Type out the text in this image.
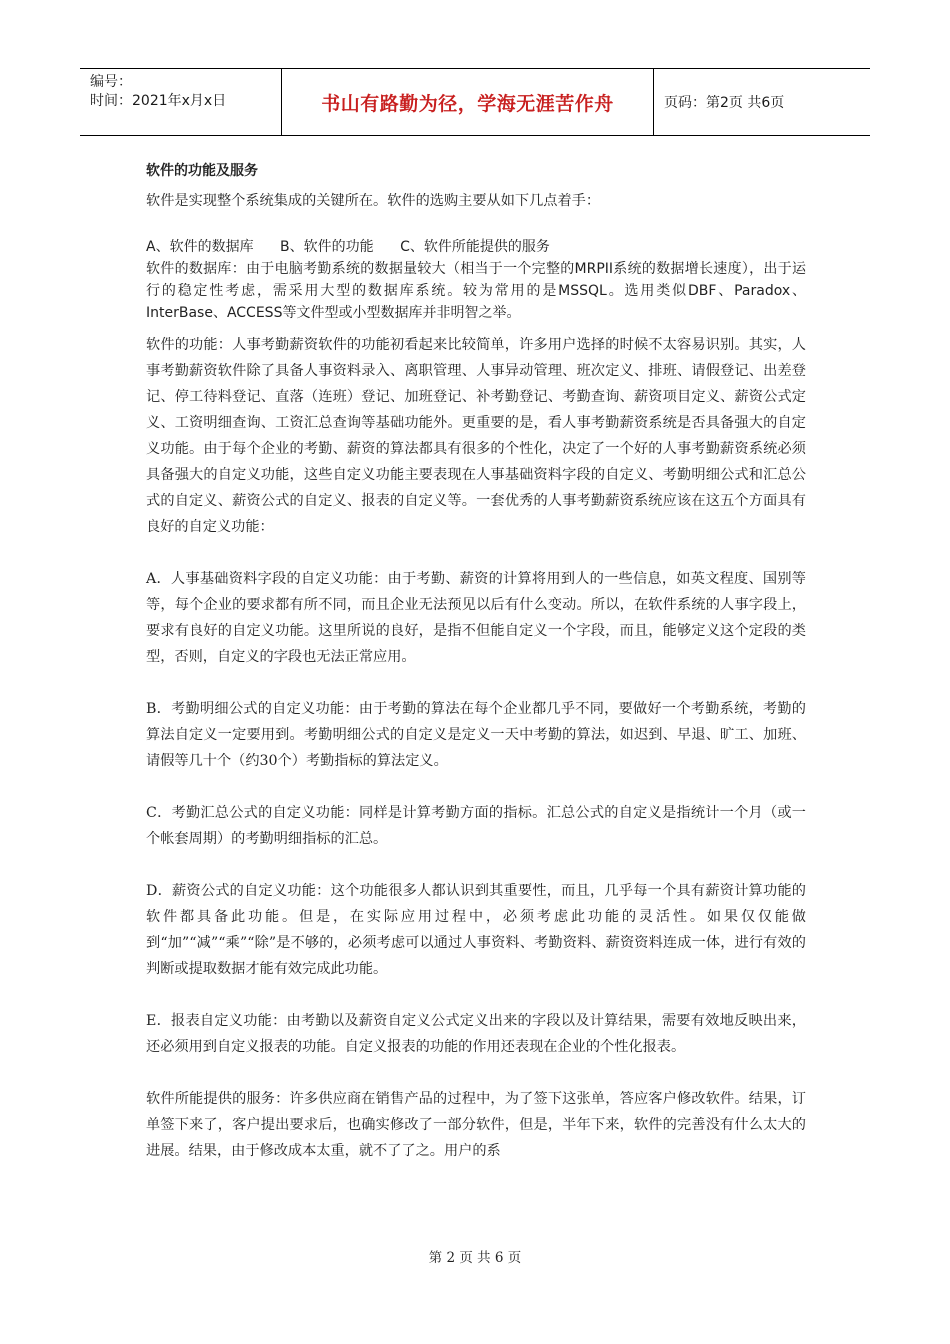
编号：
时间：2021年x月x日	书山有路勤为径，学海无涯苦作舟	页码：第2页 共6页

软件的功能及服务

软件是实现整个系统集成的关键所在。软件的选购主要从如下几点着手：

A、软件的数据库 B、软件的功能 C、软件所能提供的服务

软件的数据库：由于电脑考勤系统的数据量较大（相当于一个完整的MRPII系统的数据增长速度），出于运行的稳定性考虑，需采用大型的数据库系统。较为常用的是MSSQL。选用类似DBF、Paradox、InterBase、ACCESS等文件型或小型数据库并非明智之举。

软件的功能：人事考勤薪资软件的功能初看起来比较简单，许多用户选择的时候不太容易识别。其实，人事考勤薪资软件除了具备人事资料录入、离职管理、人事异动管理、班次定义、排班、请假登记、出差登记、停工待料登记、直落（连班）登记、加班登记、补考勤登记、考勤查询、薪资项目定义、薪资公式定义、工资明细查询、工资汇总查询等基础功能外。更重要的是，看人事考勤薪资系统是否具备强大的自定义功能。由于每个企业的考勤、薪资的算法都具有很多的个性化，决定了一个好的人事考勤薪资系统必须具备强大的自定义功能，这些自定义功能主要表现在人事基础资料字段的自定义、考勤明细公式和汇总公式的自定义、薪资公式的自定义、报表的自定义等。一套优秀的人事考勤薪资系统应该在这五个方面具有良好的自定义功能：

A．人事基础资料字段的自定义功能：由于考勤、薪资的计算将用到人的一些信息，如英文程度、国别等等，每个企业的要求都有所不同，而且企业无法预见以后有什么变动。所以，在软件系统的人事字段上，要求有良好的自定义功能。这里所说的良好，是指不但能自定义一个字段，而且，能够定义这个定段的类型，否则，自定义的字段也无法正常应用。

B．考勤明细公式的自定义功能：由于考勤的算法在每个企业都几乎不同，要做好一个考勤系统，考勤的算法自定义一定要用到。考勤明细公式的自定义是定义一天中考勤的算法，如迟到、早退、旷工、加班、请假等几十个（约30个）考勤指标的算法定义。

C．考勤汇总公式的自定义功能：同样是计算考勤方面的指标。汇总公式的自定义是指统计一个月（或一个帐套周期）的考勤明细指标的汇总。

D．薪资公式的自定义功能：这个功能很多人都认识到其重要性，而且，几乎每一个具有薪资计算功能的软件都具备此功能。但是，在实际应用过程中，必须考虑此功能的灵活性。如果仅仅能做到“加”“减”“乘”“除”是不够的，必须考虑可以通过人事资料、考勤资料、薪资资料连成一体，进行有效的判断或提取数据才能有效完成此功能。

E．报表自定义功能：由考勤以及薪资自定义公式定义出来的字段以及计算结果，需要有效地反映出来，还必须用到自定义报表的功能。自定义报表的功能的作用还表现在企业的个性化报表。

软件所能提供的服务：许多供应商在销售产品的过程中，为了签下这张单，答应客户修改软件。结果，订单签下来了，客户提出要求后，也确实修改了一部分软件，但是，半年下来，软件的完善没有什么太大的进展。结果，由于修改成本太重，就不了了之。用户的系

第 2 页 共 6 页
